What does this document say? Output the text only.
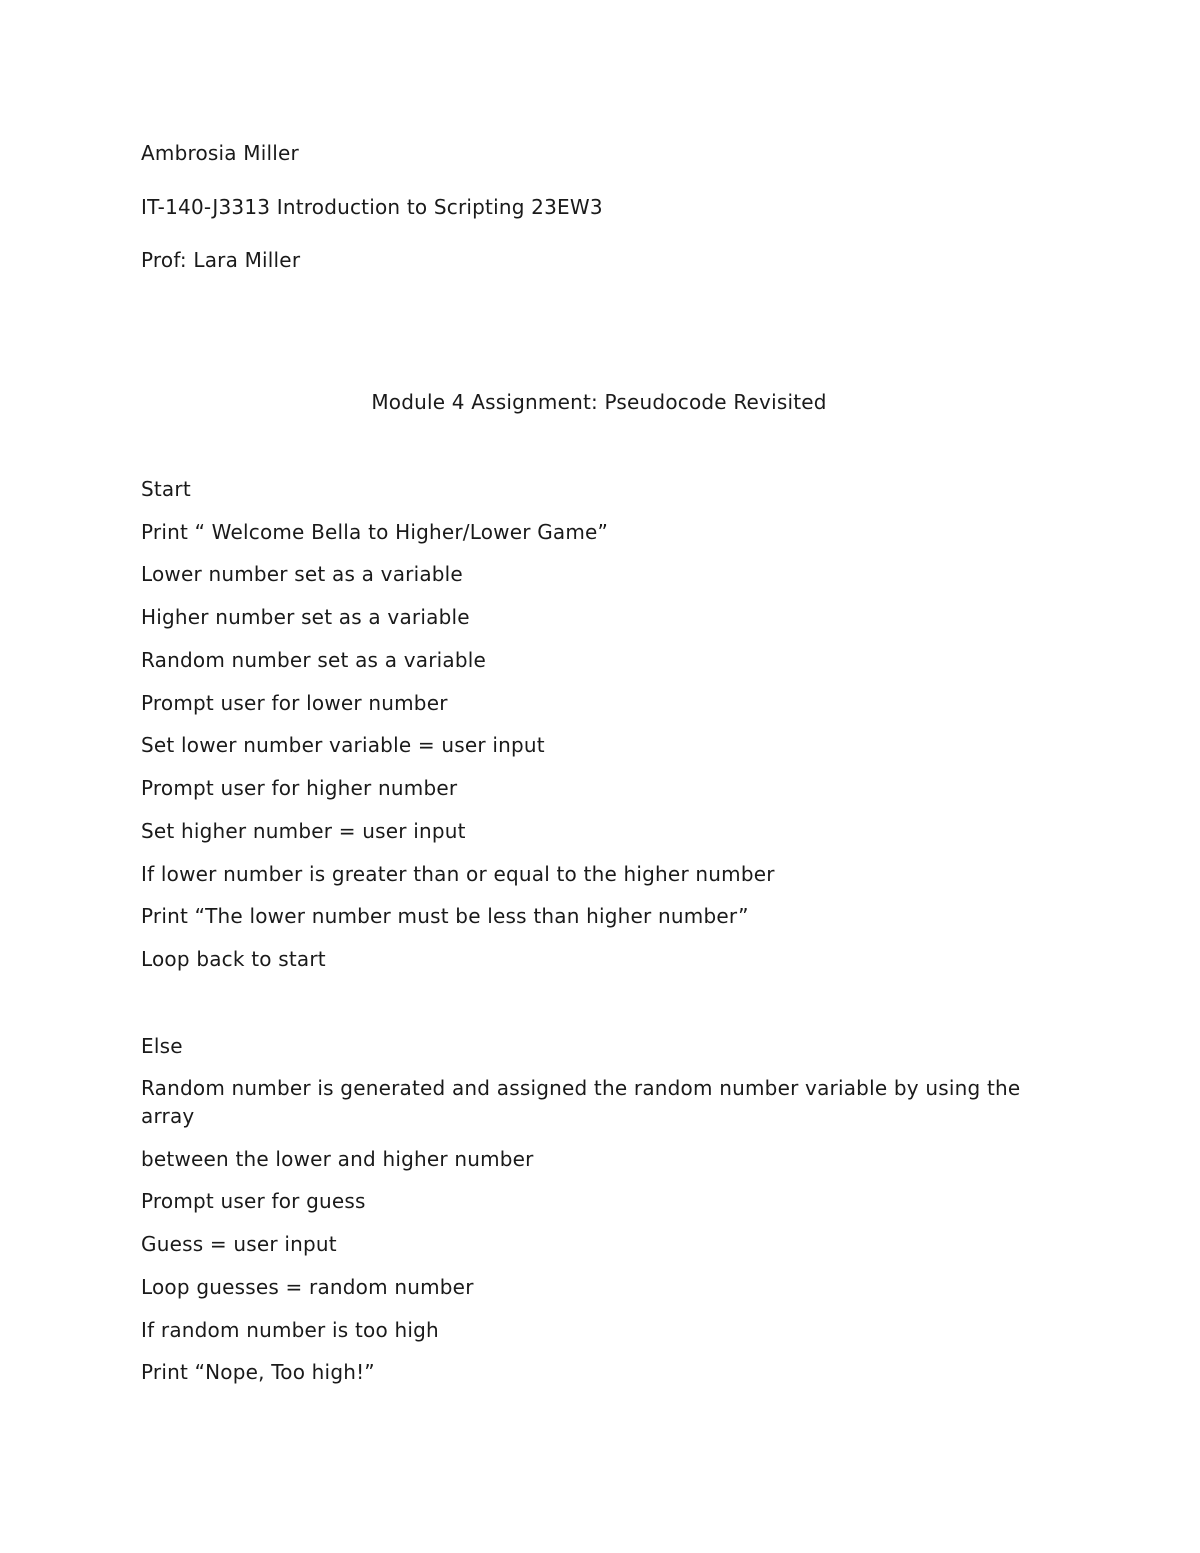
Ambrosia Miller
IT-140-J3313 Introduction to Scripting 23EW3
Prof: Lara Miller
Module 4 Assignment: Pseudocode Revisited
Start
Print “ Welcome Bella to Higher/Lower Game”
Lower number set as a variable
Higher number set as a variable
Random number set as a variable
Prompt user for lower number
Set lower number variable = user input
Prompt user for higher number
Set higher number = user input
If lower number is greater than or equal to the higher number
Print “The lower number must be less than higher number”
Loop back to start
Else
Random number is generated and assigned the random number variable by using the array
between the lower and higher number
Prompt user for guess
Guess = user input
Loop guesses = random number
If random number is too high
Print “Nope, Too high!”
